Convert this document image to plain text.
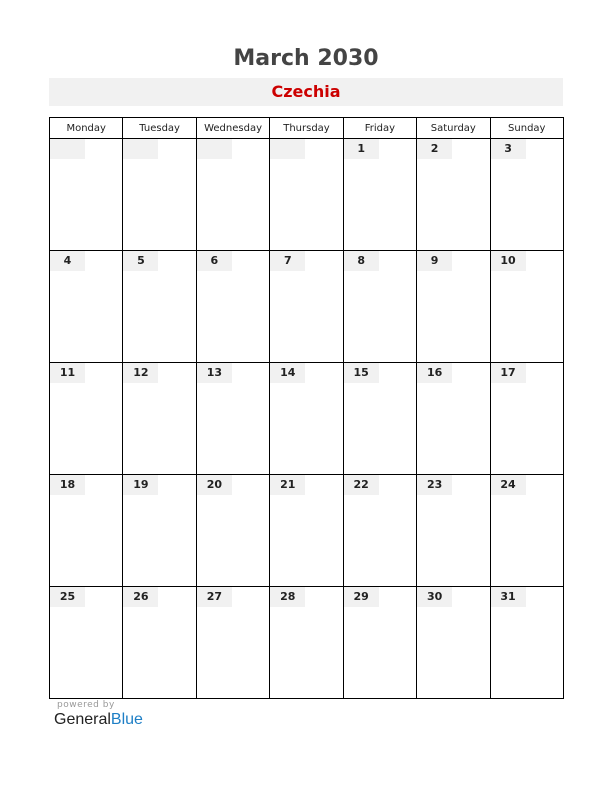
March 2030
Czechia
Monday	Tuesday	Wednesday	Thursday	Friday	Saturday	Sunday

				1	2	3

4	5	6	7	8	9	10

11	12	13	14	15	16	17

18	19	20	21	22	23	24

25	26	27	28	29	30	31
powered by
GeneralBlue
